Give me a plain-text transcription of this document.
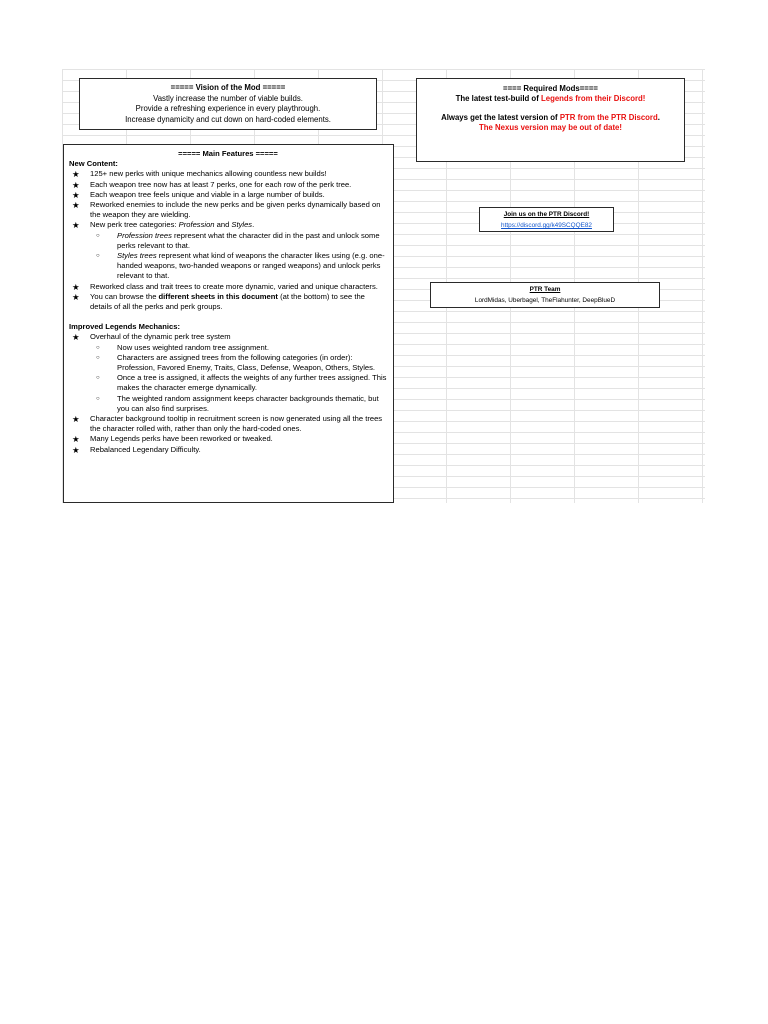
===== Vision of the Mod =====
Vastly increase the number of viable builds.
Provide a refreshing experience in every playthrough.
Increase dynamicity and cut down on hard-coded elements.
==== Required Mods====
The latest test-build of Legends from their Discord!
Always get the latest version of PTR from the PTR Discord.
The Nexus version may be out of date!
===== Main Features =====
New Content:
★ 125+ new perks with unique mechanics allowing countless new builds!
★ Each weapon tree now has at least 7 perks, one for each row of the perk tree.
★ Each weapon tree feels unique and viable in a large number of builds.
★ Reworked enemies to include the new perks and be given perks dynamically based on the weapon they are wielding.
★ New perk tree categories: Profession and Styles.
○ Profession trees represent what the character did in the past and unlock some perks relevant to that.
○ Styles trees represent what kind of weapons the character likes using (e.g. one-handed weapons, two-handed weapons or ranged weapons) and unlock perks relevant to that.
★ Reworked class and trait trees to create more dynamic, varied and unique characters.
★ You can browse the different sheets in this document (at the bottom) to see the details of all the perks and perk groups.
Improved Legends Mechanics:
★ Overhaul of the dynamic perk tree system
○ Now uses weighted random tree assignment.
○ Characters are assigned trees from the following categories (in order): Profession, Favored Enemy, Traits, Class, Defense, Weapon, Others, Styles.
○ Once a tree is assigned, it affects the weights of any further trees assigned. This makes the character emerge dynamically.
○ The weighted random assignment keeps character backgrounds thematic, but you can also find surprises.
★ Character background tooltip in recruitment screen is now generated using all the trees the character rolled with, rather than only the hard-coded ones.
★ Many Legends perks have been reworked or tweaked.
★ Rebalanced Legendary Difficulty.
Join us on the PTR Discord!
https://discord.gg/k49SCQQE82
PTR Team
LordMidas, Uberbagel, TheFlahunter, DeepBlueD
